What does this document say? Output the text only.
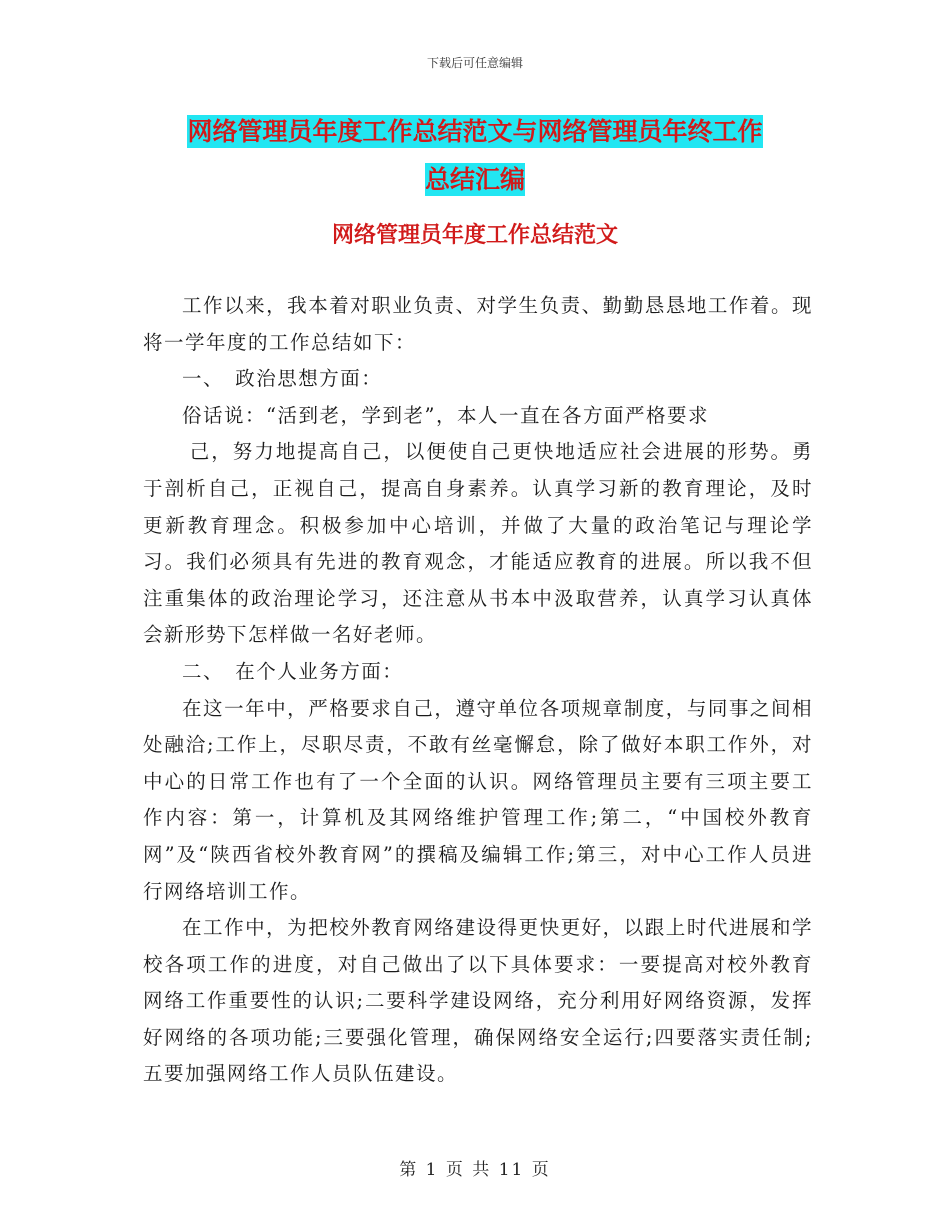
下载后可任意编辑
网络管理员年度工作总结范文与网络管理员年终工作
总结汇编
网络管理员年度工作总结范文

工作以来，我本着对职业负责、对学生负责、勤勤恳恳地工作着。现将一学年度的工作总结如下：

一、　政治思想方面：

俗话说：“活到老，学到老”，本人一直在各方面严格要求

己，努力地提高自己，以便使自己更快地适应社会进展的形势。勇于剖析自己，正视自己，提高自身素养。认真学习新的教育理论，及时更新教育理念。积极参加中心培训，并做了大量的政治笔记与理论学习。我们必须具有先进的教育观念，才能适应教育的进展。所以我不但注重集体的政治理论学习，还注意从书本中汲取营养，认真学习认真体会新形势下怎样做一名好老师。

二、　在个人业务方面：

在这一年中，严格要求自己，遵守单位各项规章制度，与同事之间相处融洽;工作上，尽职尽责，不敢有丝毫懈怠，除了做好本职工作外，对中心的日常工作也有了一个全面的认识。网络管理员主要有三项主要工作内容：第一，计算机及其网络维护管理工作;第二，“中国校外教育网”及“陕西省校外教育网”的撰稿及编辑工作;第三，对中心工作人员进行网络培训工作。

在工作中，为把校外教育网络建设得更快更好，以跟上时代进展和学校各项工作的进度，对自己做出了以下具体要求：一要提高对校外教育网络工作重要性的认识;二要科学建设网络，充分利用好网络资源，发挥好网络的各项功能;三要强化管理，确保网络安全运行;四要落实责任制;五要加强网络工作人员队伍建设。

第 1 页 共 11 页
